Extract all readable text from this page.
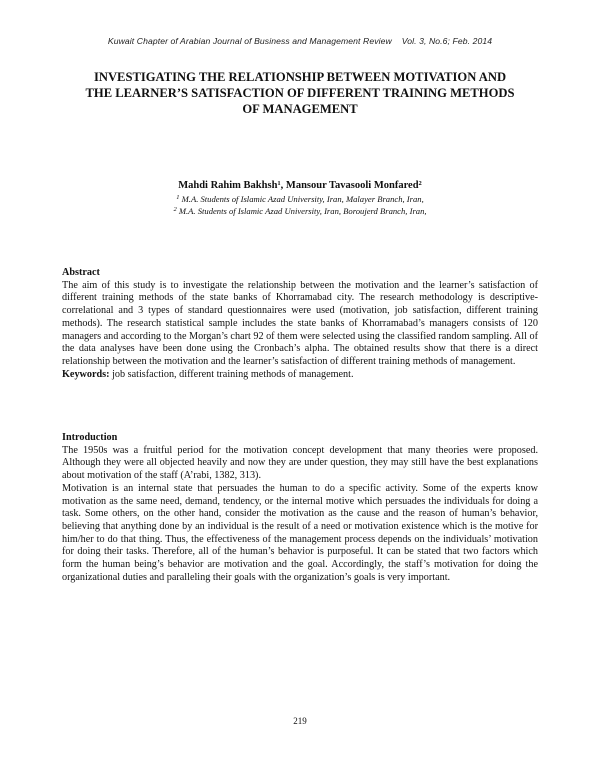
Kuwait Chapter of Arabian Journal of Business and Management Review    Vol. 3, No.6; Feb. 2014
INVESTIGATING THE RELATIONSHIP BETWEEN MOTIVATION AND
THE LEARNER’S SATISFACTION OF DIFFERENT TRAINING METHODS
OF MANAGEMENT
Mahdi Rahim Bakhsh$^1$, Mansour Tavasooli Monfared$^2$
$^1$ M.A. Students of Islamic Azad University, Iran, Malayer Branch, Iran,
$^2$ M.A. Students of Islamic Azad University, Iran, Boroujerd Branch, Iran,
Abstract
The aim of this study is to investigate the relationship between the motivation and the learner’s satisfaction of different training methods of the state banks of Khorramabad city. The research methodology is descriptive-correlational and 3 types of standard questionnaires were used (motivation, job satisfaction, different training methods). The research statistical sample includes the state banks of Khorramabad’s managers consists of 120 managers and according to the Morgan’s chart 92 of them were selected using the classified random sampling. All of the data analyses have been done using the Cronbach’s alpha. The obtained results show that there is a direct relationship between the motivation and the learner’s satisfaction of different training methods of management.
Keywords: job satisfaction, different training methods of management.
Introduction
The 1950s was a fruitful period for the motivation concept development that many theories were proposed. Although they were all objected heavily and now they are under question, they may still have the best explanations about motivation of the staff (A’rabi, 1382, 313).
Motivation is an internal state that persuades the human to do a specific activity. Some of the experts know motivation as the same need, demand, tendency, or the internal motive which persuades the individuals for doing a task. Some others, on the other hand, consider the motivation as the cause and the reason of human’s behavior, believing that anything done by an individual is the result of a need or motivation existence which is the motive for him/her to do that thing. Thus, the effectiveness of the management process depends on the individuals’ motivation for doing their tasks. Therefore, all of the human’s behavior is purposeful. It can be stated that two factors which form the human being’s behavior are motivation and the goal. Accordingly, the staff’s motivation for doing the organizational duties and paralleling their goals with the organization’s goals is very important.
219
